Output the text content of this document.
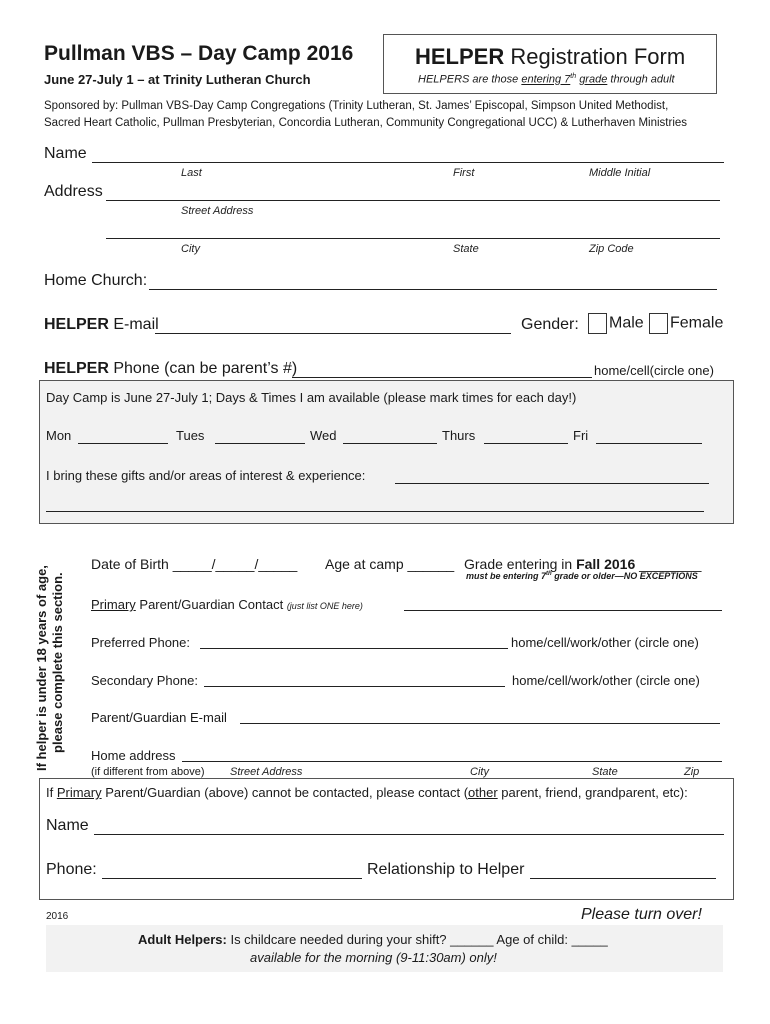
Pullman VBS – Day Camp 2016
June 27-July 1 – at Trinity Lutheran Church
HELPER Registration Form
HELPERS are those entering 7th grade through adult
Sponsored by: Pullman VBS-Day Camp Congregations (Trinity Lutheran, St. James’ Episcopal, Simpson United Methodist,
Sacred Heart Catholic, Pullman Presbyterian, Concordia Lutheran, Community Congregational UCC) & Lutherhaven Ministries
Name
Last	First	Middle Initial
Address
Street Address
City	State	Zip Code
Home Church:
HELPER E-mail	Gender:	Male	Female
HELPER Phone (can be parent’s #)	home/cell(circle one)
Day Camp is June 27-July 1; Days & Times I am available (please mark times for each day!)
Mon	Tues	Wed	Thurs	Fri
I bring these gifts and/or areas of interest & experience:
If helper is under 18 years of age, please complete this section.
Date of Birth _____/_____/_____ Age at camp ______ Grade entering in Fall 2016 ________
must be entering 7th grade or older—NO EXCEPTIONS
Primary Parent/Guardian Contact (just list ONE here)
Preferred Phone:	home/cell/work/other (circle one)
Secondary Phone:	home/cell/work/other (circle one)
Parent/Guardian E-mail
Home address
(if different from above) Street Address	City	State	Zip
If Primary Parent/Guardian (above) cannot be contacted, please contact (other parent, friend, grandparent, etc):
Name
Phone:	Relationship to Helper
2016	Please turn over!
Adult Helpers: Is childcare needed during your shift? ______ Age of child: _____
available for the morning (9-11:30am) only!
